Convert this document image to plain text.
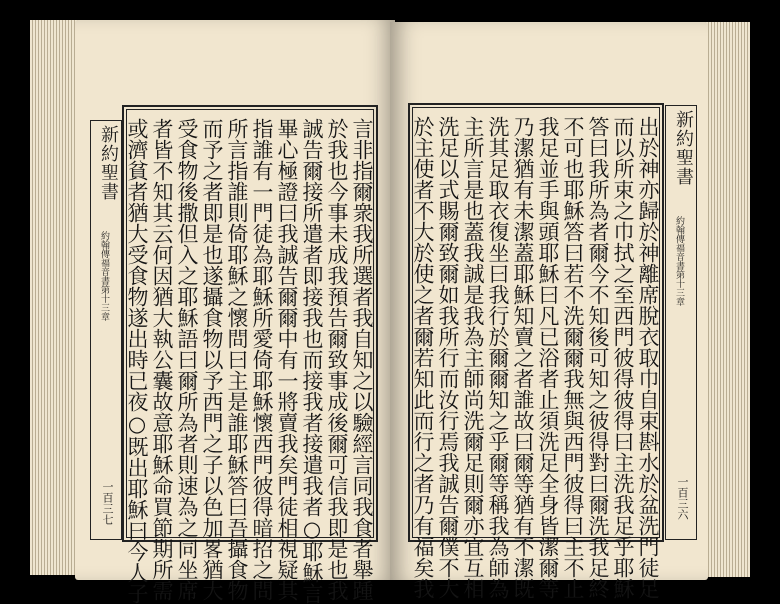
新約聖書
約翰傳福音書第十三章
一百三七	言非指爾衆我所選者我自知之以驗經言同我食者舉踵
於我也今事未成我預告爾致事成後爾可信我即是也我
誠告爾接所遣者即接我也而接我者接遣我者○耶穌言
畢心極證曰我誠告爾爾中有一將賣我矣門徒相視疑其
指誰有一門徒為耶穌所愛倚耶穌懷西門彼得暗招之問
所言指誰則倚耶穌之懷問曰主是誰耶穌答曰吾攝食物
而予之者即是也遂攝食物以予西門之子以色加畧猶大
受食物後撒但入之耶穌語曰爾所為者則速為之同坐席
者皆不知其云何因猶大執公囊故意耶穌命買節期所需
或濟貧者猶大受食物遂出時已夜○既出耶穌曰今人子	出於神亦歸於神離席脫衣取巾自束斟水於盆洗門徒足
而以所束之巾拭之至西門彼得彼得曰主洗我足乎耶穌
答曰我所為者爾今不知後可知之彼得對曰爾洗我足終
不可也耶穌答曰若不洗爾爾我無與西門彼得曰主不止
我足並手與頭耶穌曰凡已浴者止須洗足全身皆潔爾等
乃潔猶有未潔蓋耶穌知賣之者誰故曰爾等猶有不潔既
洗其足取衣復坐曰我行於爾爾知之乎爾等稱我為師為
主所言是也蓋我誠是我為主師尚洗爾足則爾亦宜互相
洗足以式賜爾致爾如我所行而汝行焉我誠告爾僕不大
於主使者不大於使之者爾若知此而行之者乃有福矣我	新約聖書
約翰傳福音書第十三章
一百三六
